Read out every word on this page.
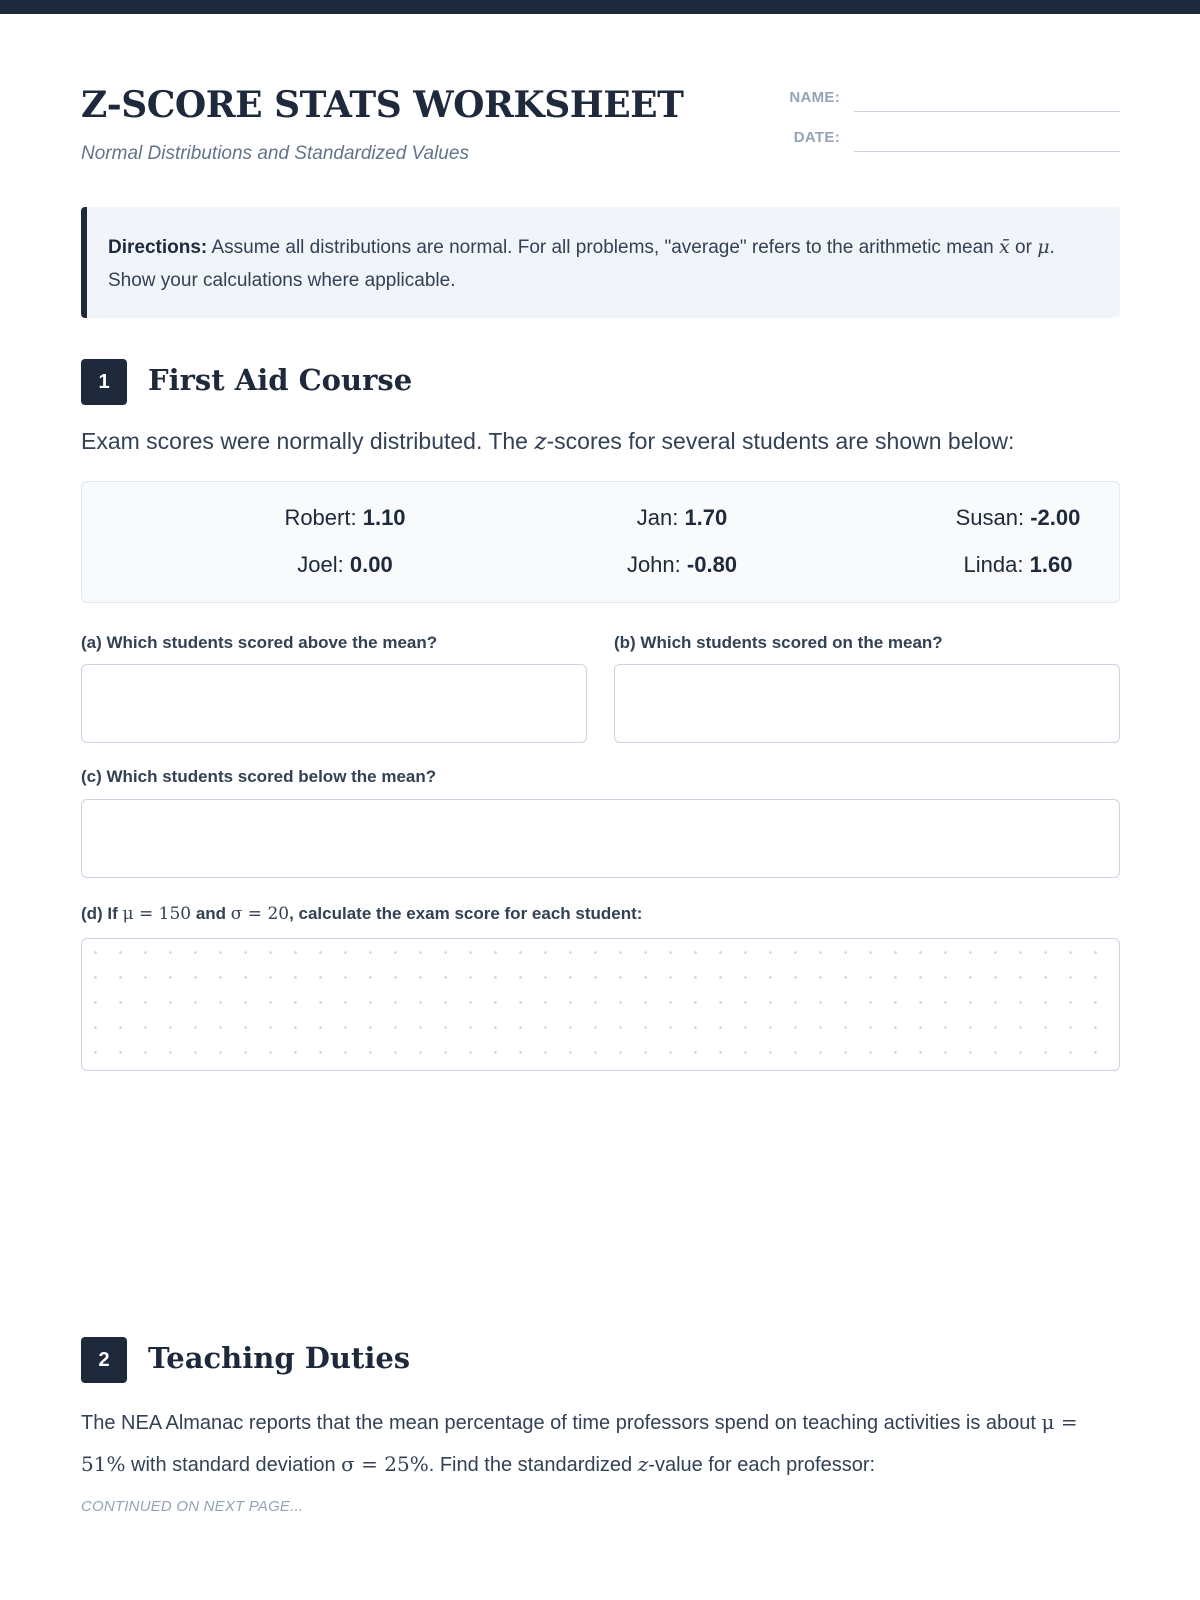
Z-SCORE STATS WORKSHEET
Normal Distributions and Standardized Values
NAME:
DATE:
Directions: Assume all distributions are normal. For all problems, "average" refers to the arithmetic mean x̄ or μ. Show your calculations where applicable.
1	First Aid Course
Exam scores were normally distributed. The z-scores for several students are shown below:
Robert: 1.10	Jan: 1.70	Susan: -2.00
Joel: 0.00	John: -0.80	Linda: 1.60
(a) Which students scored above the mean?	(b) Which students scored on the mean?
(c) Which students scored below the mean?
(d) If μ = 150 and σ = 20, calculate the exam score for each student:
2	Teaching Duties
The NEA Almanac reports that the mean percentage of time professors spend on teaching activities is about μ = 51% with standard deviation σ = 25%. Find the standardized z-value for each professor:
CONTINUED ON NEXT PAGE...
